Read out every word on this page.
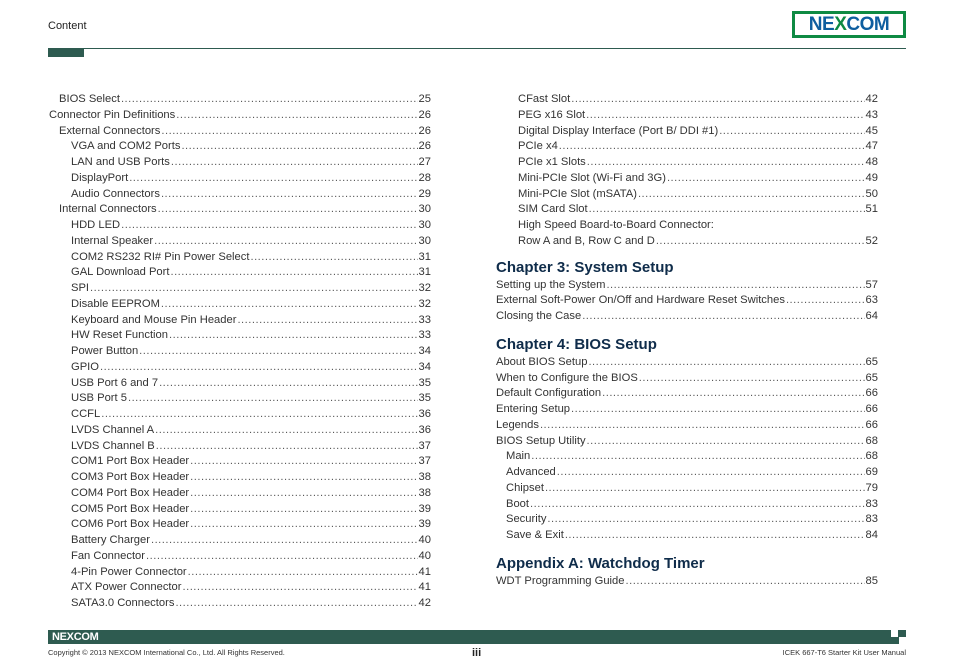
Content	NEXCOM
BIOS Select .....	25
Connector Pin Definitions .....	26
External Connectors .....	26
VGA and COM2 Ports .....	26
LAN and USB Ports .....	27
DisplayPort .....	28
Audio Connectors .....	29
Internal Connectors .....	30
HDD LED .....	30
Internal Speaker .....	30
COM2 RS232 RI# Pin Power Select .....	31
GAL Download Port .....	31
SPI .....	32
Disable EEPROM .....	32
Keyboard and Mouse Pin Header .....	33
HW Reset Function .....	33
Power Button .....	34
GPIO .....	34
USB Port 6 and 7 .....	35
USB Port 5 .....	35
CCFL .....	36
LVDS Channel A .....	36
LVDS Channel B .....	37
COM1 Port Box Header .....	37
COM3 Port Box Header .....	38
COM4 Port Box Header .....	38
COM5 Port Box Header .....	39
COM6 Port Box Header .....	39
Battery Charger .....	40
Fan Connector .....	40
4-Pin Power Connector .....	41
ATX Power Connector .....	41
SATA3.0 Connectors .....	42
CFast Slot .....	42
PEG x16 Slot .....	43
Digital Display Interface (Port B/ DDI #1) .....	45
PCIe x4 .....	47
PCIe x1 Slots .....	48
Mini-PCIe Slot (Wi-Fi and 3G) .....	49
Mini-PCIe Slot (mSATA) .....	50
SIM Card Slot .....	51
High Speed Board-to-Board Connector:
Row A and B, Row C and D .....	52
Chapter 3: System Setup
Setting up the System .....	57
External Soft-Power On/Off and Hardware Reset Switches .....	63
Closing the Case .....	64
Chapter 4: BIOS Setup
About BIOS Setup .....	65
When to Configure the BIOS .....	65
Default Configuration .....	66
Entering Setup .....	66
Legends .....	66
BIOS Setup Utility .....	68
Main .....	68
Advanced .....	69
Chipset .....	79
Boot .....	83
Security .....	83
Save & Exit .....	84
Appendix A: Watchdog Timer
WDT Programming Guide .....	85
NEXCOM
Copyright © 2013 NEXCOM International Co., Ltd. All Rights Reserved.	iii	ICEK 667-T6 Starter Kit User Manual
